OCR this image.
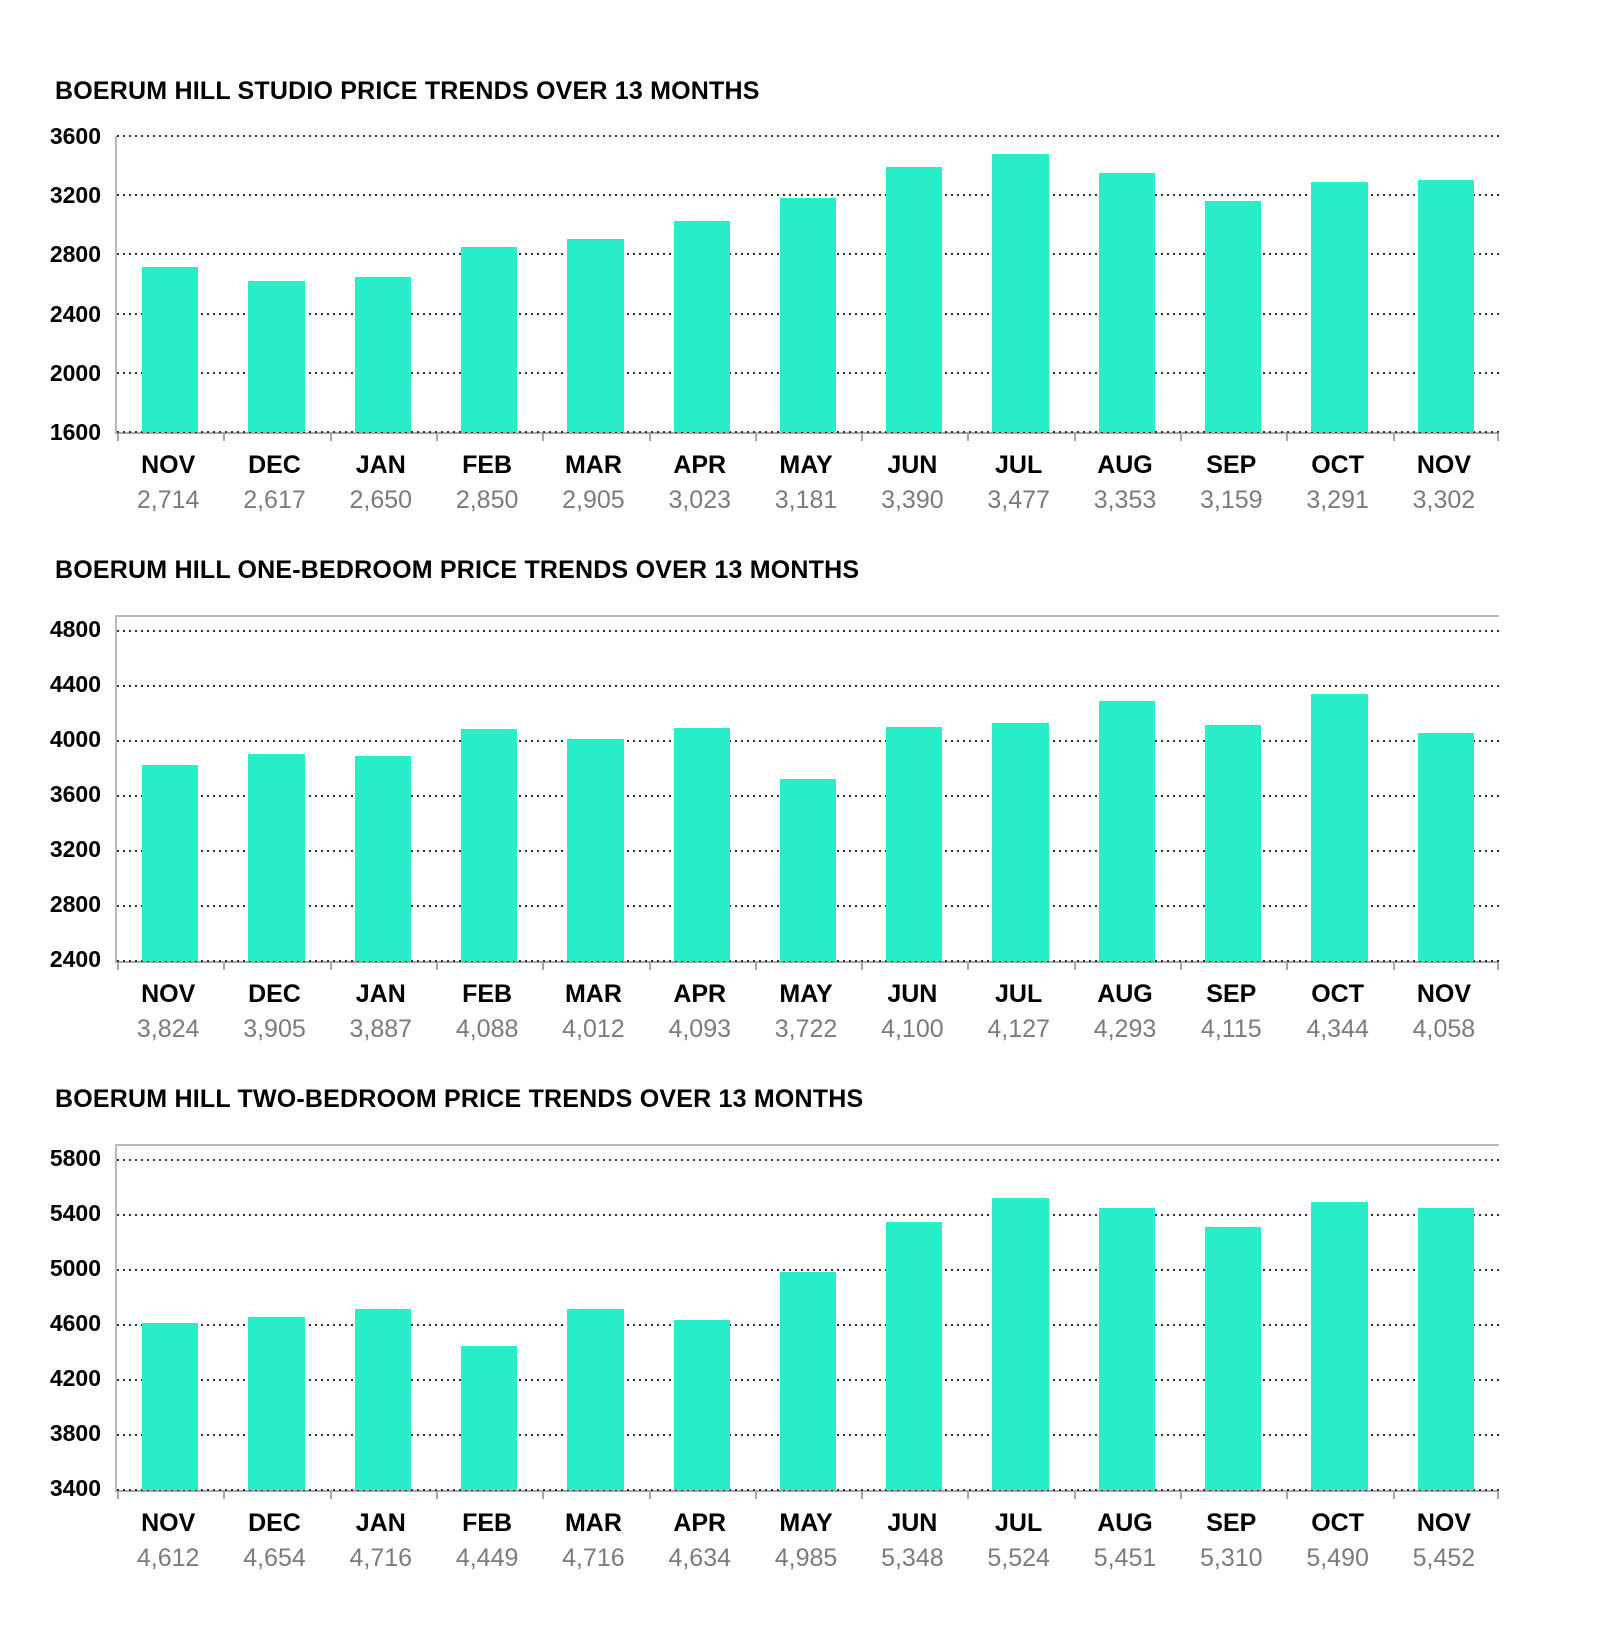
BOERUM HILL STUDIO PRICE TRENDS OVER 13 MONTHS
1600
2000
2400
2800
3200
3600
NOV
2,714
DEC
2,617
JAN
2,650
FEB
2,850
MAR
2,905
APR
3,023
MAY
3,181
JUN
3,390
JUL
3,477
AUG
3,353
SEP
3,159
OCT
3,291
NOV
3,302
BOERUM HILL ONE-BEDROOM PRICE TRENDS OVER 13 MONTHS
2400
2800
3200
3600
4000
4400
4800
NOV
3,824
DEC
3,905
JAN
3,887
FEB
4,088
MAR
4,012
APR
4,093
MAY
3,722
JUN
4,100
JUL
4,127
AUG
4,293
SEP
4,115
OCT
4,344
NOV
4,058
BOERUM HILL TWO-BEDROOM PRICE TRENDS OVER 13 MONTHS
3400
3800
4200
4600
5000
5400
5800
NOV
4,612
DEC
4,654
JAN
4,716
FEB
4,449
MAR
4,716
APR
4,634
MAY
4,985
JUN
5,348
JUL
5,524
AUG
5,451
SEP
5,310
OCT
5,490
NOV
5,452
